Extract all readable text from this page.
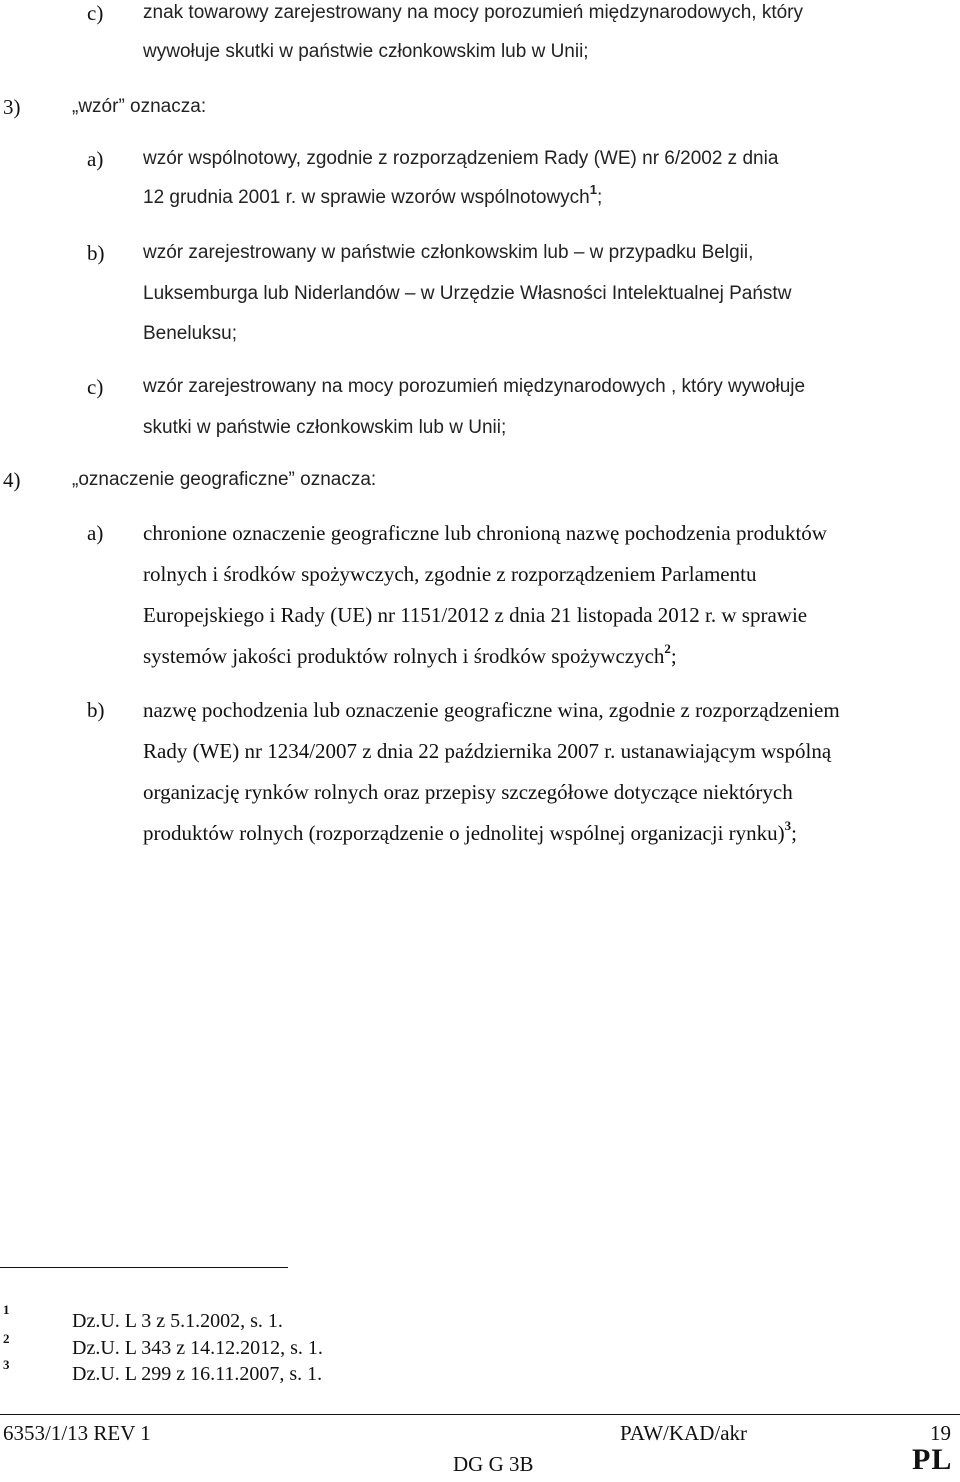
c) znak towarowy zarejestrowany na mocy porozumień międzynarodowych, który
wywołuje skutki w państwie członkowskim lub w Unii;
3)	„wzór” oznacza:
a) wzór wspólnotowy, zgodnie z rozporządzeniem Rady (WE) nr 6/2002 z dnia
12 grudnia 2001 r. w sprawie wzorów wspólnotowych$^1$;
b) wzór zarejestrowany w państwie członkowskim lub – w przypadku Belgii,
Luksemburga lub Niderlandów – w Urzędzie Własności Intelektualnej Państw
Beneluksu;
c) wzór zarejestrowany na mocy porozumień międzynarodowych , który wywołuje
skutki w państwie członkowskim lub w Unii;
4)	„oznaczenie geograficzne” oznacza:
a) chronione oznaczenie geograficzne lub chronioną nazwę pochodzenia produktów
rolnych i środków spożywczych, zgodnie z rozporządzeniem Parlamentu
Europejskiego i Rady (UE) nr 1151/2012 z dnia 21 listopada 2012 r. w sprawie
systemów jakości produktów rolnych i środków spożywczych$^2$;
b) nazwę pochodzenia lub oznaczenie geograficzne wina, zgodnie z rozporządzeniem
Rady (WE) nr 1234/2007 z dnia 22 października 2007 r. ustanawiającym wspólną
organizację rynków rolnych oraz przepisy szczegółowe dotyczące niektórych
produktów rolnych (rozporządzenie o jednolitej wspólnej organizacji rynku)$^3$;
1
Dz.U. L 3 z 5.1.2002, s. 1.
2	Dz.U. L 343 z 14.12.2012, s. 1.
3	Dz.U. L 299 z 16.11.2007, s. 1.
6353/1/13 REV 1	PAW/KAD/akr	19
DG G 3B	PL
